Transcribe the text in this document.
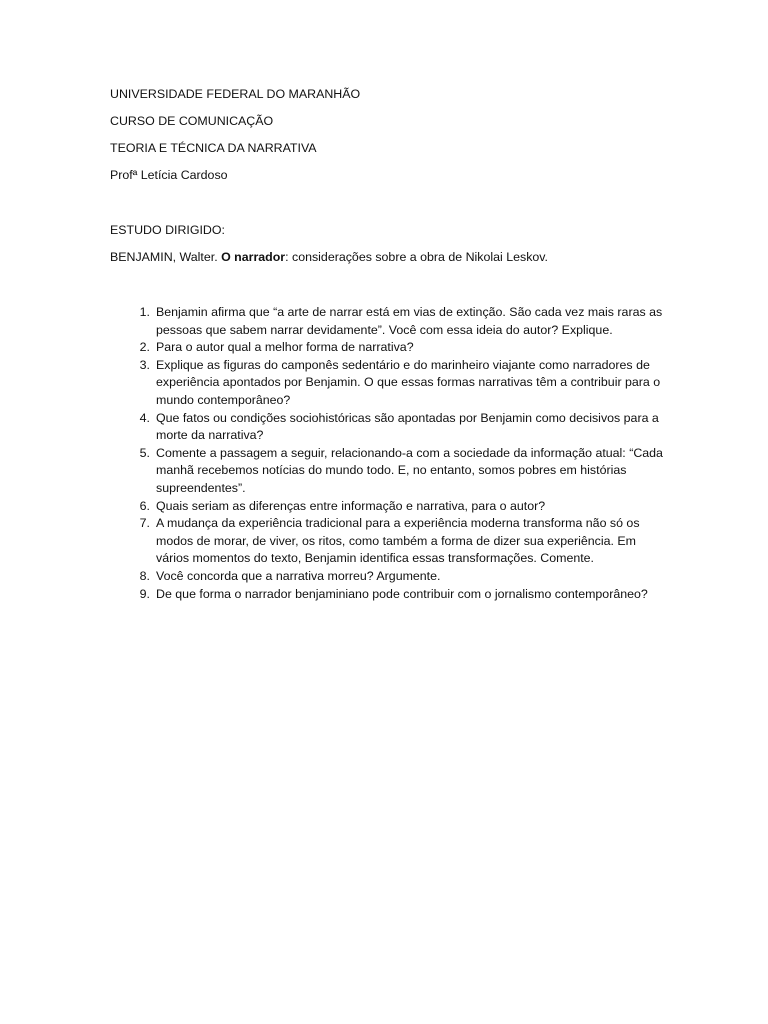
UNIVERSIDADE FEDERAL DO MARANHÃO
CURSO DE COMUNICAÇÃO
TEORIA E TÉCNICA DA NARRATIVA
Profª Letícia Cardoso
ESTUDO DIRIGIDO:
BENJAMIN, Walter. O narrador: considerações sobre a obra de Nikolai Leskov.
1. Benjamin afirma que “a arte de narrar está em vias de extinção. São cada vez mais raras as pessoas que sabem narrar devidamente”. Você com essa ideia do autor? Explique.
2. Para o autor qual a melhor forma de narrativa?
3. Explique as figuras do camponês sedentário e do marinheiro viajante como narradores de experiência apontados por Benjamin. O que essas formas narrativas têm a contribuir para o mundo contemporâneo?
4. Que fatos ou condições sociohistóricas são apontadas por Benjamin como decisivos para a morte da narrativa?
5. Comente a passagem a seguir, relacionando-a com a sociedade da informação atual: “Cada manhã recebemos notícias do mundo todo. E, no entanto, somos pobres em histórias supreendentes”.
6. Quais seriam as diferenças entre informação e narrativa, para o autor?
7. A mudança da experiência tradicional para a experiência moderna transforma não só os modos de morar, de viver, os ritos, como também a forma de dizer sua experiência. Em vários momentos do texto, Benjamin identifica essas transformações. Comente.
8. Você concorda que a narrativa morreu? Argumente.
9. De que forma o narrador benjaminiano pode contribuir com o jornalismo contemporâneo?
